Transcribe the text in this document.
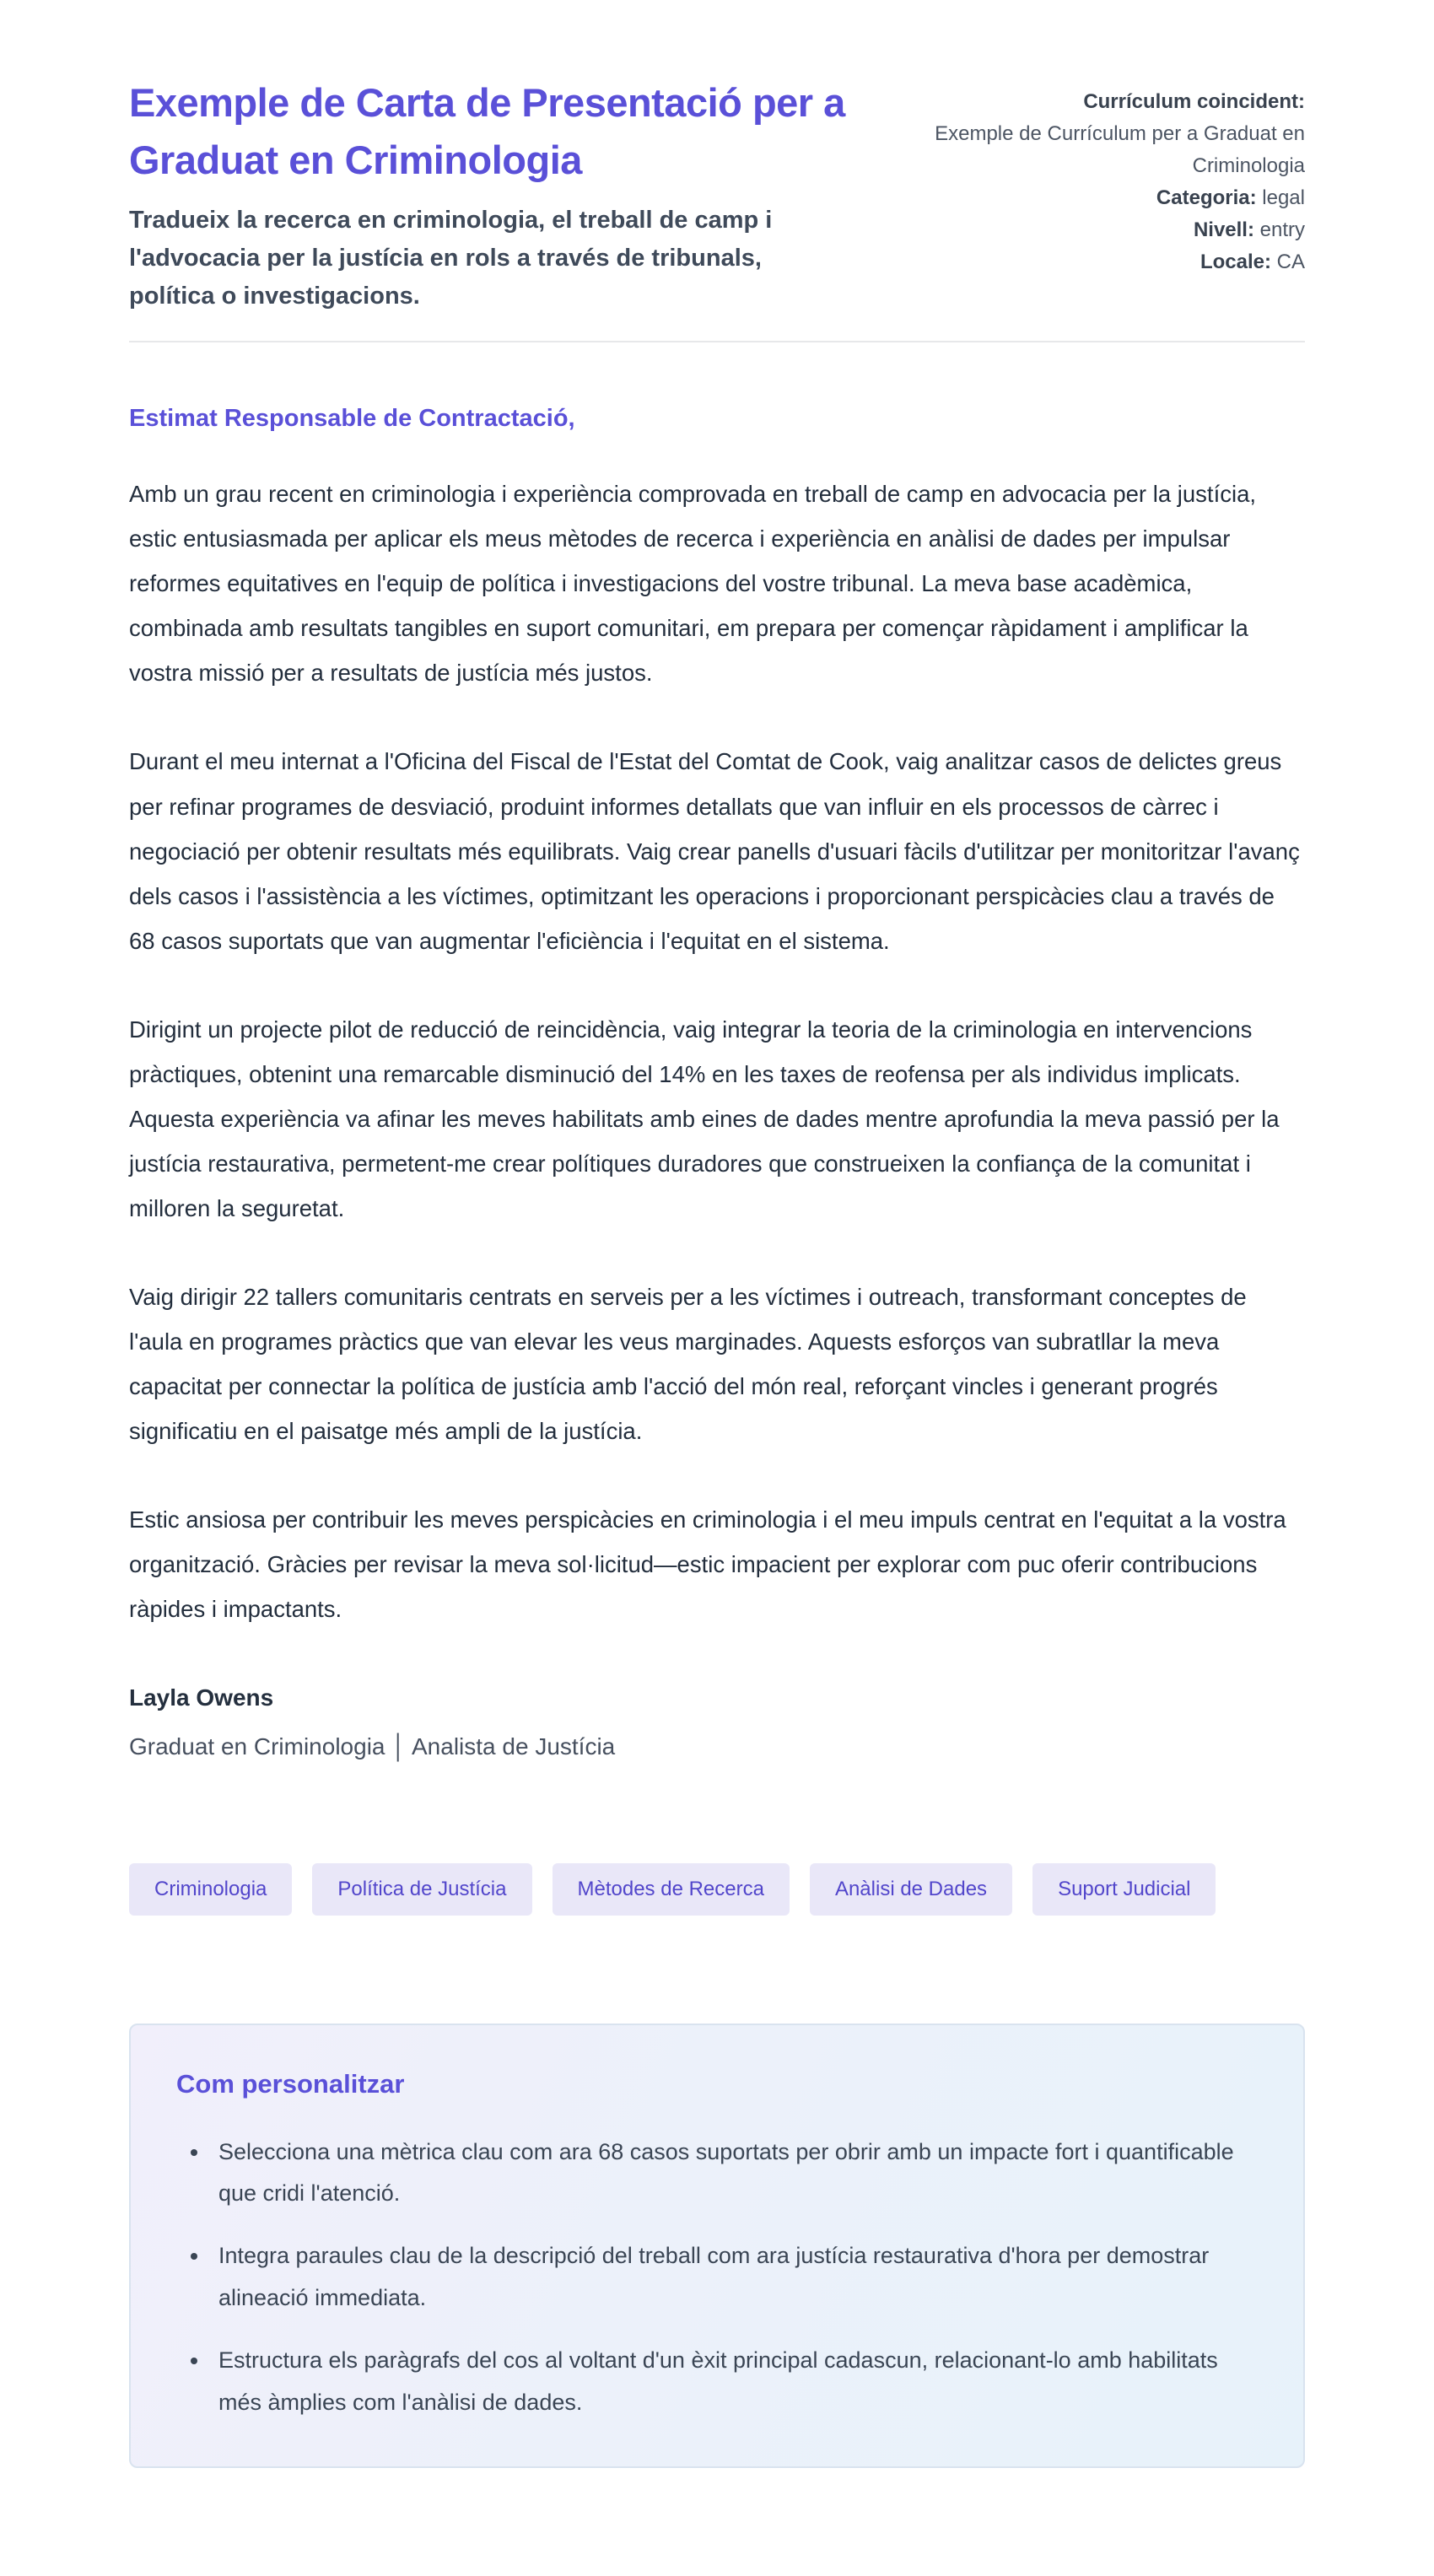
Exemple de Carta de Presentació per a Graduat en Criminologia
Tradueix la recerca en criminologia, el treball de camp i l'advocacia per la justícia en rols a través de tribunals, política o investigacions.
Currículum coincident:
Exemple de Currículum per a Graduat en Criminologia
Categoria: legal
Nivell: entry
Locale: CA
Estimat Responsable de Contractació,

Amb un grau recent en criminologia i experiència comprovada en treball de camp en advocacia per la justícia, estic entusiasmada per aplicar els meus mètodes de recerca i experiència en anàlisi de dades per impulsar reformes equitatives en l'equip de política i investigacions del vostre tribunal. La meva base acadèmica, combinada amb resultats tangibles en suport comunitari, em prepara per començar ràpidament i amplificar la vostra missió per a resultats de justícia més justos.

Durant el meu internat a l'Oficina del Fiscal de l'Estat del Comtat de Cook, vaig analitzar casos de delictes greus per refinar programes de desviació, produint informes detallats que van influir en els processos de càrrec i negociació per obtenir resultats més equilibrats. Vaig crear panells d'usuari fàcils d'utilitzar per monitoritzar l'avanç dels casos i l'assistència a les víctimes, optimitzant les operacions i proporcionant perspicàcies clau a través de 68 casos suportats que van augmentar l'eficiència i l'equitat en el sistema.

Dirigint un projecte pilot de reducció de reincidència, vaig integrar la teoria de la criminologia en intervencions pràctiques, obtenint una remarcable disminució del 14% en les taxes de reofensa per als individus implicats. Aquesta experiència va afinar les meves habilitats amb eines de dades mentre aprofundia la meva passió per la justícia restaurativa, permetent-me crear polítiques duradores que construeixen la confiança de la comunitat i milloren la seguretat.

Vaig dirigir 22 tallers comunitaris centrats en serveis per a les víctimes i outreach, transformant conceptes de l'aula en programes pràctics que van elevar les veus marginades. Aquests esforços van subratllar la meva capacitat per connectar la política de justícia amb l'acció del món real, reforçant vincles i generant progrés significatiu en el paisatge més ampli de la justícia.

Estic ansiosa per contribuir les meves perspicàcies en criminologia i el meu impuls centrat en l'equitat a la vostra organització. Gràcies per revisar la meva sol·licitud—estic impacient per explorar com puc oferir contribucions ràpides i impactants.

Layla Owens
Graduat en Criminologia │ Analista de Justícia
Criminologia	Política de Justícia	Mètodes de Recerca	Anàlisi de Dades	Suport Judicial
Com personalitzar
• Selecciona una mètrica clau com ara 68 casos suportats per obrir amb un impacte fort i quantificable que cridi l'atenció.
• Integra paraules clau de la descripció del treball com ara justícia restaurativa d'hora per demostrar alineació immediata.
• Estructura els paràgrafs del cos al voltant d'un èxit principal cadascun, relacionant-lo amb habilitats més àmplies com l'anàlisi de dades.
